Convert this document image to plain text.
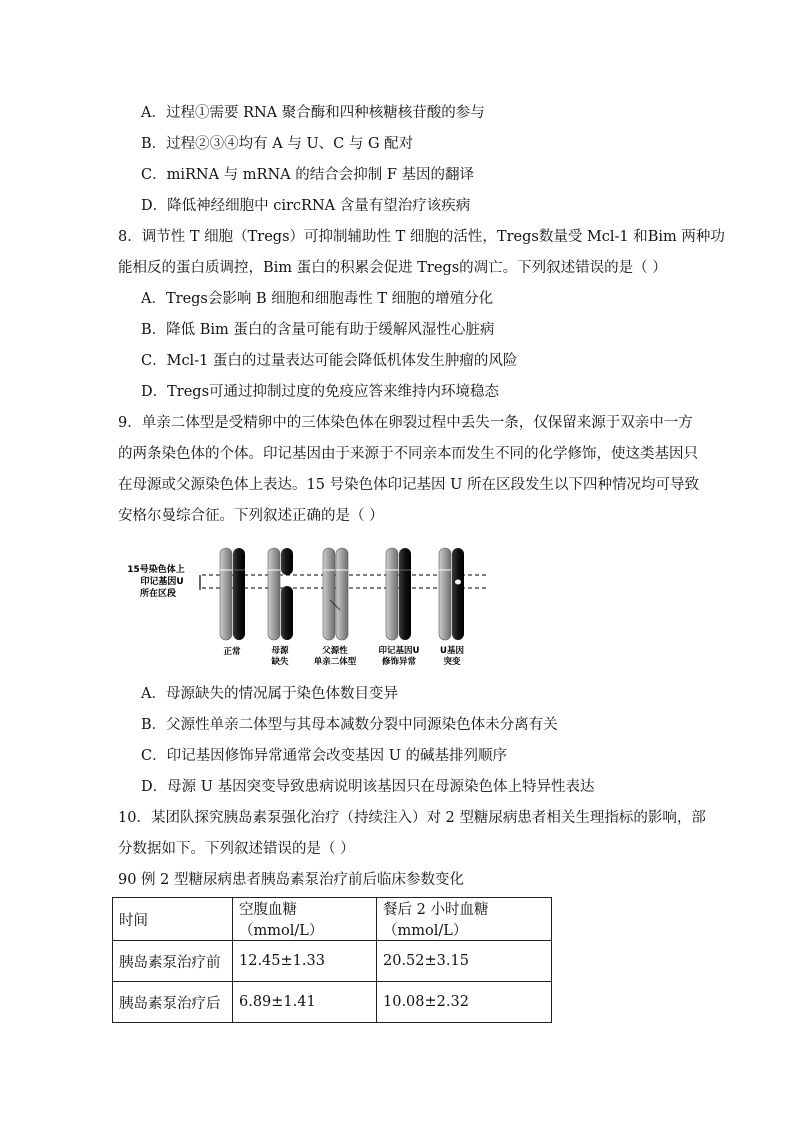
A．过程①需要 RNA 聚合酶和四种核糖核苷酸的参与
B．过程②③④均有 A 与 U、C 与 G 配对
C．miRNA 与 mRNA 的结合会抑制 F 基因的翻译
D．降低神经细胞中 circRNA 含量有望治疗该疾病
8．调节性 T 细胞（Tregs）可抑制辅助性 T 细胞的活性，Tregs数量受 Mcl-1 和Bim 两种功
能相反的蛋白质调控，Bim 蛋白的积累会促进 Tregs的凋亡。下列叙述错误的是（ ）
A．Tregs会影响 B 细胞和细胞毒性 T 细胞的增殖分化
B．降低 Bim 蛋白的含量可能有助于缓解风湿性心脏病
C．Mcl-1 蛋白的过量表达可能会降低机体发生肿瘤的风险
D．Tregs可通过抑制过度的免疫应答来维持内环境稳态
9．单亲二体型是受精卵中的三体染色体在卵裂过程中丢失一条，仅保留来源于双亲中一方
的两条染色体的个体。印记基因由于来源于不同亲本而发生不同的化学修饰，使这类基因只
在母源或父源染色体上表达。15 号染色体印记基因 U 所在区段发生以下四种情况均可导致
安格尔曼综合征。下列叙述正确的是（ ）
15号染色体上
印记基因U
所在区段
正常	母源
缺失
父源性
单亲二体型
印记基因U
修饰异常
U基因
突变
A．母源缺失的情况属于染色体数目变异
B．父源性单亲二体型与其母本减数分裂中同源染色体未分离有关
C．印记基因修饰异常通常会改变基因 U 的碱基排列顺序
D．母源 U 基因突变导致患病说明该基因只在母源染色体上特异性表达
10．某团队探究胰岛素泵强化治疗（持续注入）对 2 型糖尿病患者相关生理指标的影响，部
分数据如下。下列叙述错误的是（ ）
90 例 2 型糖尿病患者胰岛素泵治疗前后临床参数变化
时间	空腹血糖（mmol/L）	餐后 2 小时血糖（mmol/L）
胰岛素泵治疗前	12.45±1.33	20.52±3.15
胰岛素泵治疗后	6.89±1.41	10.08±2.32
